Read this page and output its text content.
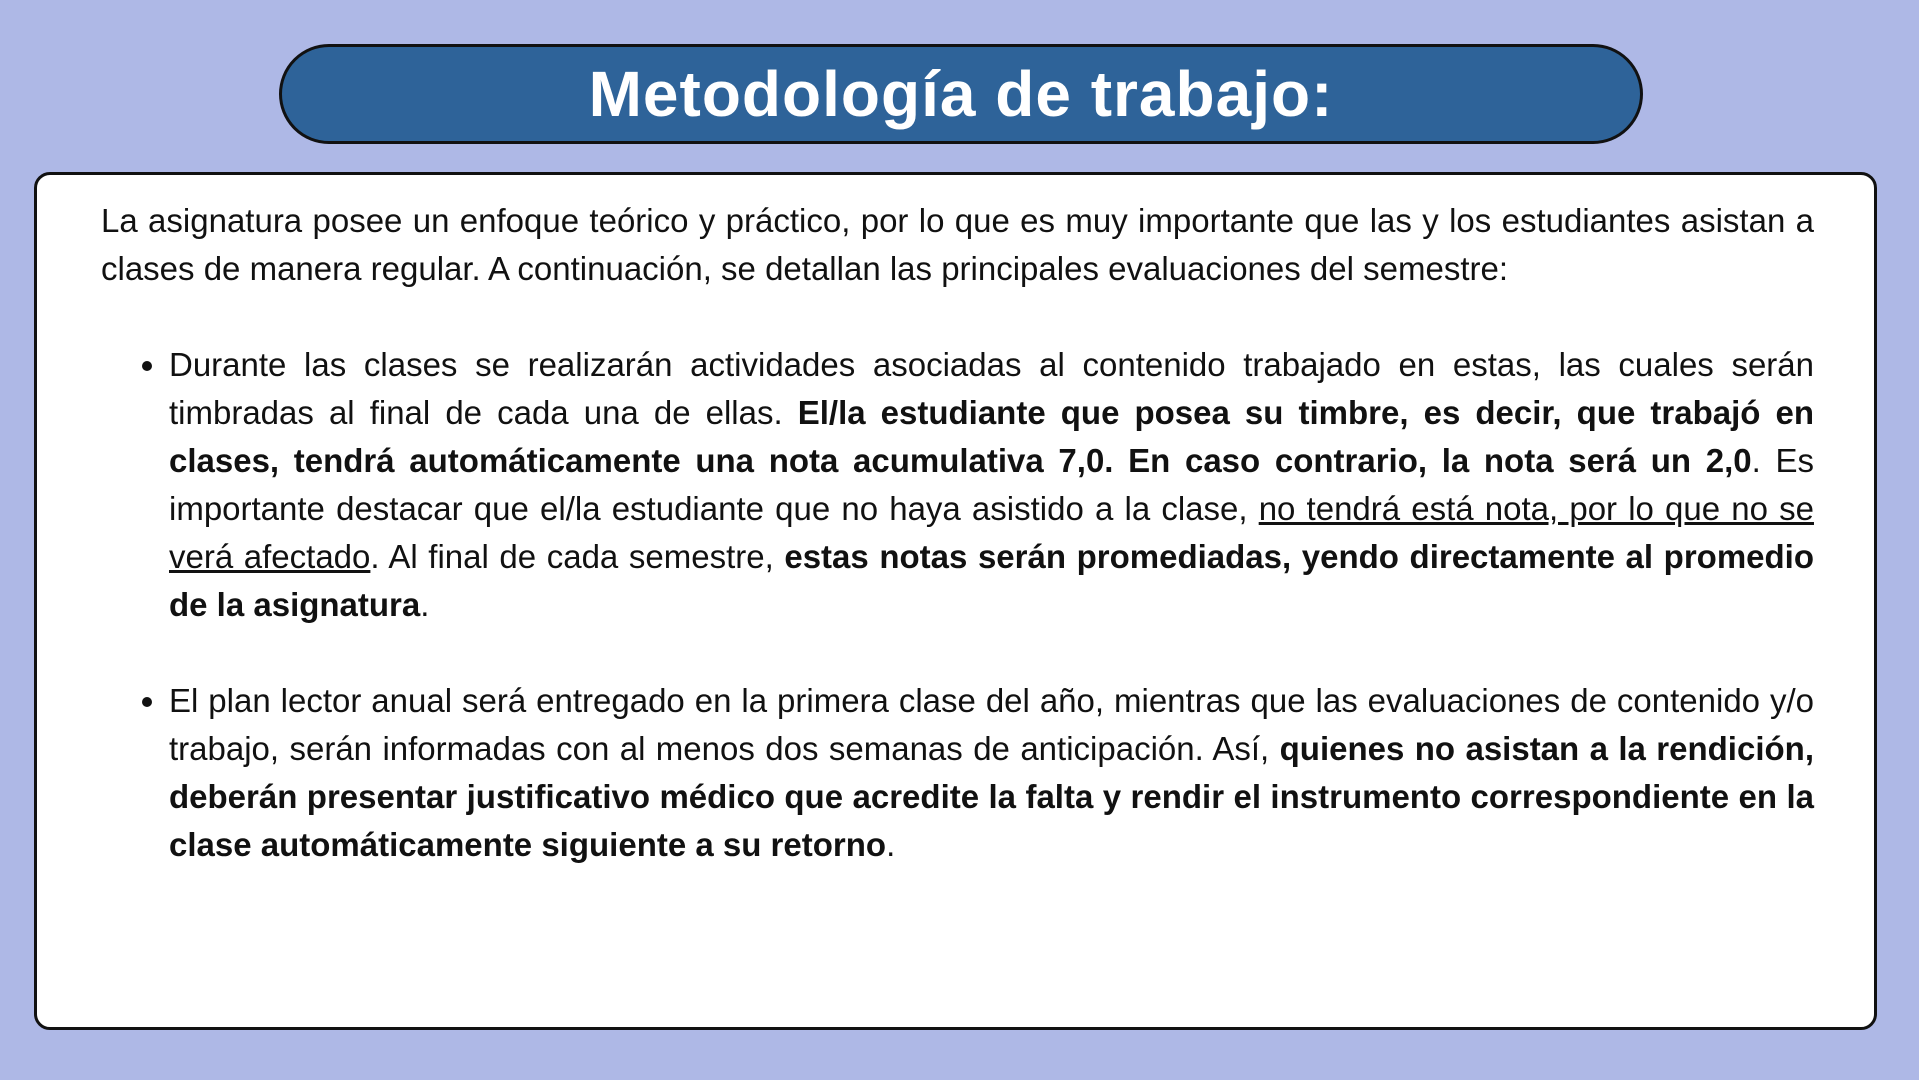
Metodología de trabajo:

La asignatura posee un enfoque teórico y práctico, por lo que es muy importante que las y los estudiantes asistan a clases de manera regular. A continuación, se detallan las principales evaluaciones del semestre:

• Durante las clases se realizarán actividades asociadas al contenido trabajado en estas, las cuales serán timbradas al final de cada una de ellas. El/la estudiante que posea su timbre, es decir, que trabajó en clases, tendrá automáticamente una nota acumulativa 7,0. En caso contrario, la nota será un 2,0. Es importante destacar que el/la estudiante que no haya asistido a la clase, no tendrá está nota, por lo que no se verá afectado. Al final de cada semestre, estas notas serán promediadas, yendo directamente al promedio de la asignatura.
• El plan lector anual será entregado en la primera clase del año, mientras que las evaluaciones de contenido y/o trabajo, serán informadas con al menos dos semanas de anticipación. Así, quienes no asistan a la rendición, deberán presentar justificativo médico que acredite la falta y rendir el instrumento correspondiente en la clase automáticamente siguiente a su retorno.
